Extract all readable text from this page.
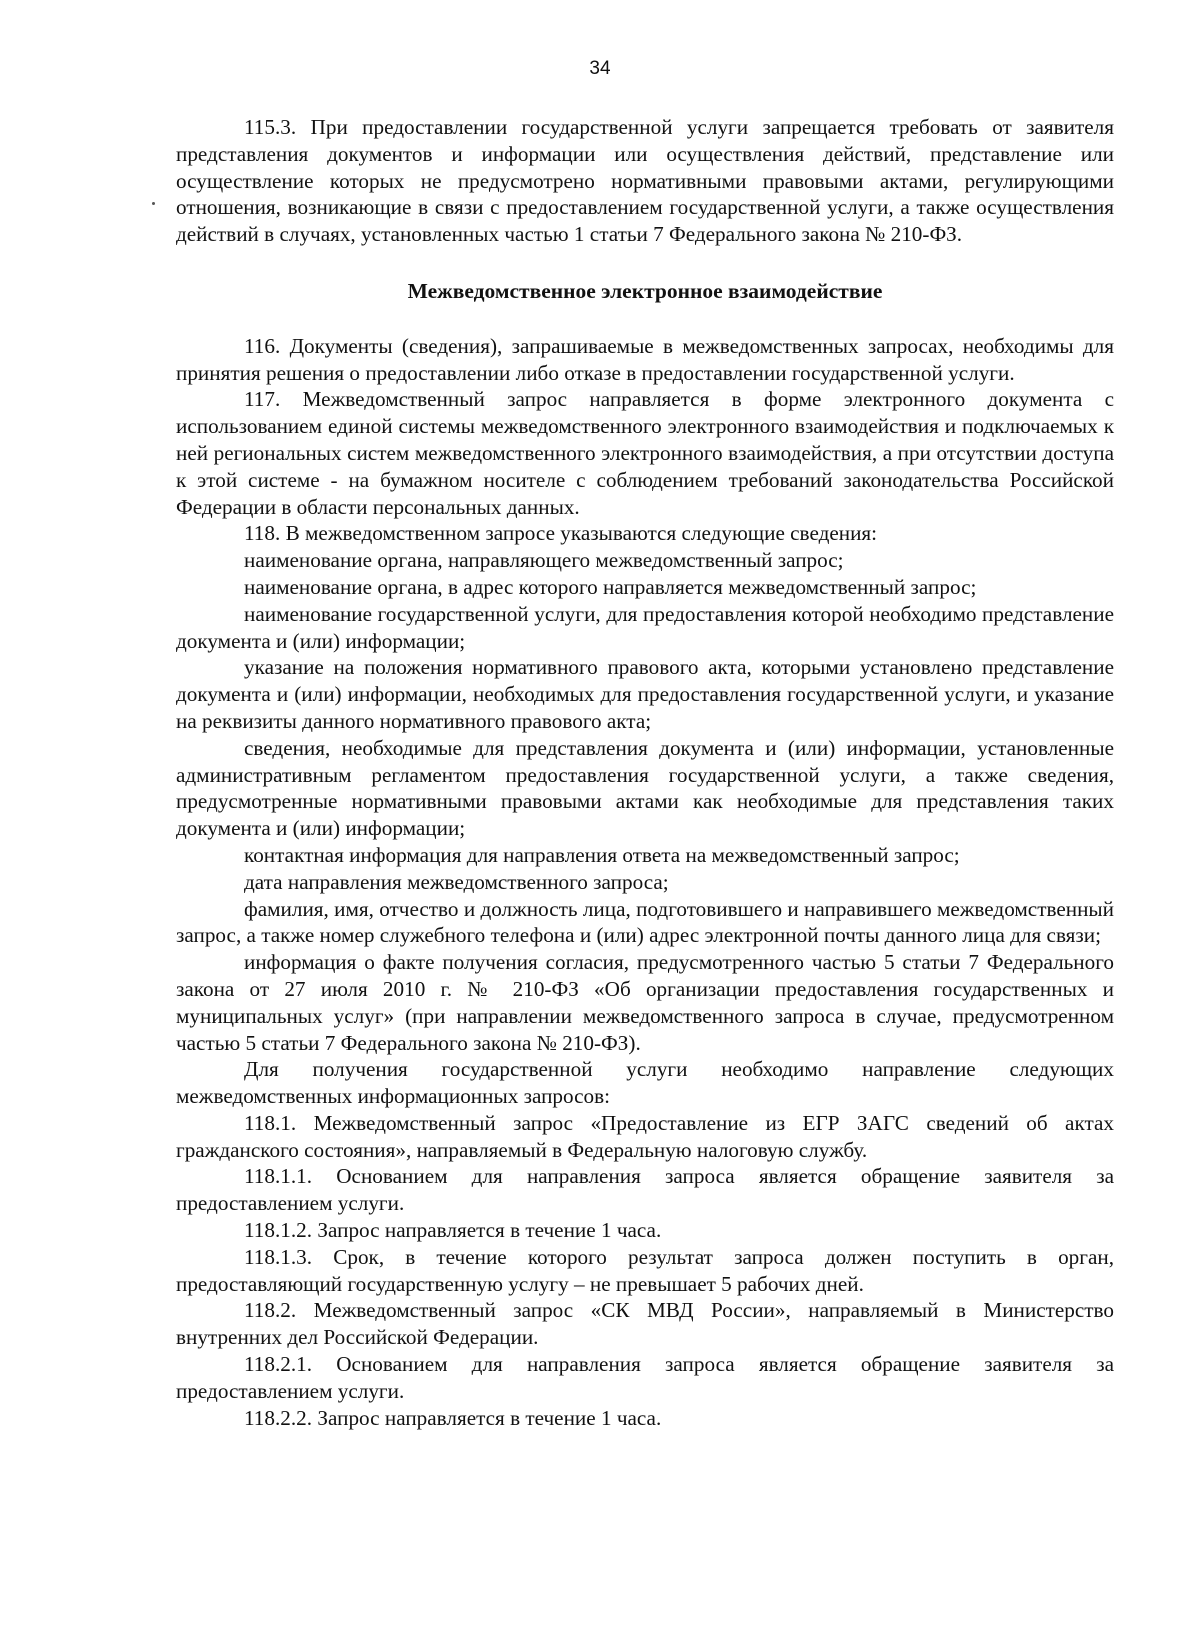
34

115.3. При предоставлении государственной услуги запрещается требовать от заявителя представления документов и информации или осуществления действий, представление или осуществление которых не предусмотрено нормативными правовыми актами, регулирующими отношения, возникающие в связи с предоставлением государственной услуги, а также осуществления действий в случаях, установленных частью 1 статьи 7 Федерального закона № 210-ФЗ.

Межведомственное электронное взаимодействие

116. Документы (сведения), запрашиваемые в межведомственных запросах, необходимы для принятия решения о предоставлении либо отказе в предоставлении государственной услуги.

117. Межведомственный запрос направляется в форме электронного документа с использованием единой системы межведомственного электронного взаимодействия и подключаемых к ней региональных систем межведомственного электронного взаимодействия, а при отсутствии доступа к этой системе - на бумажном носителе с соблюдением требований законодательства Российской Федерации в области персональных данных.

118. В межведомственном запросе указываются следующие сведения:

наименование органа, направляющего межведомственный запрос;

наименование органа, в адрес которого направляется межведомственный запрос;

наименование государственной услуги, для предоставления которой необходимо представление документа и (или) информации;

указание на положения нормативного правового акта, которыми установлено представление документа и (или) информации, необходимых для предоставления государственной услуги, и указание на реквизиты данного нормативного правового акта;

сведения, необходимые для представления документа и (или) информации, установленные административным регламентом предоставления государственной услуги, а также сведения, предусмотренные нормативными правовыми актами как необходимые для представления таких документа и (или) информации;

контактная информация для направления ответа на межведомственный запрос;

дата направления межведомственного запроса;

фамилия, имя, отчество и должность лица, подготовившего и направившего межведомственный запрос, а также номер служебного телефона и (или) адрес электронной почты данного лица для связи;

информация о факте получения согласия, предусмотренного частью 5 статьи 7 Федерального закона от 27 июля 2010 г. № 210-ФЗ «Об организации предоставления государственных и муниципальных услуг» (при направлении межведомственного запроса в случае, предусмотренном частью 5 статьи 7 Федерального закона № 210-ФЗ).

Для получения государственной услуги необходимо направление следующих межведомственных информационных запросов:

118.1. Межведомственный запрос «Предоставление из ЕГР ЗАГС сведений об актах гражданского состояния», направляемый в Федеральную налоговую службу.

118.1.1. Основанием для направления запроса является обращение заявителя за предоставлением услуги.

118.1.2. Запрос направляется в течение 1 часа.

118.1.3. Срок, в течение которого результат запроса должен поступить в орган, предоставляющий государственную услугу – не превышает 5 рабочих дней.

118.2. Межведомственный запрос «СК МВД России», направляемый в Министерство внутренних дел Российской Федерации.

118.2.1. Основанием для направления запроса является обращение заявителя за предоставлением услуги.

118.2.2. Запрос направляется в течение 1 часа.
